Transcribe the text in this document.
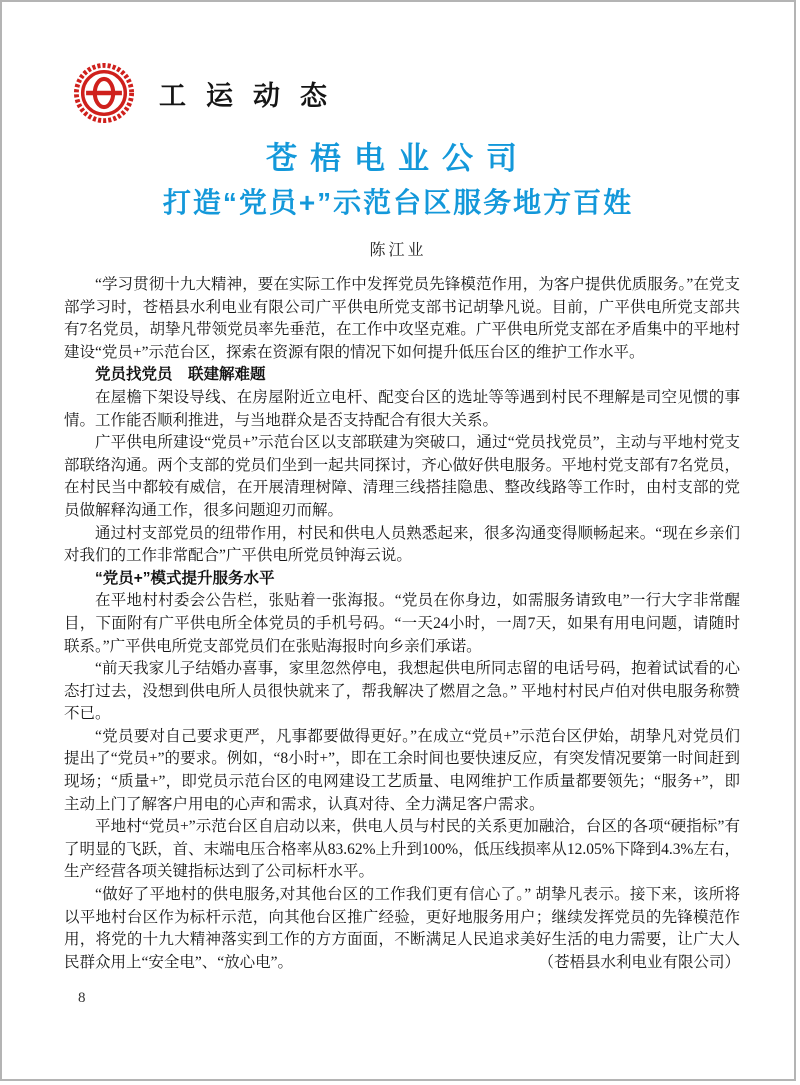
工运动态
苍梧电业公司
打造“党员+”示范台区服务地方百姓
陈江业

“学习贯彻十九大精神，要在实际工作中发挥党员先锋模范作用，为客户提供优质服务。”在党支部学习时，苍梧县水利电业有限公司广平供电所党支部书记胡挚凡说。目前，广平供电所党支部共有7名党员，胡挚凡带领党员率先垂范，在工作中攻坚克难。广平供电所党支部在矛盾集中的平地村建设“党员+”示范台区，探索在资源有限的情况下如何提升低压台区的维护工作水平。

党员找党员　联建解难题

在屋檐下架设导线、在房屋附近立电杆、配变台区的选址等等遇到村民不理解是司空见惯的事情。工作能否顺利推进，与当地群众是否支持配合有很大关系。

广平供电所建设“党员+”示范台区以支部联建为突破口，通过“党员找党员”，主动与平地村党支部联络沟通。两个支部的党员们坐到一起共同探讨，齐心做好供电服务。平地村党支部有7名党员，在村民当中都较有威信，在开展清理树障、清理三线搭挂隐患、整改线路等工作时，由村支部的党员做解释沟通工作，很多问题迎刃而解。

通过村支部党员的纽带作用，村民和供电人员熟悉起来，很多沟通变得顺畅起来。“现在乡亲们对我们的工作非常配合”广平供电所党员钟海云说。

“党员+”模式提升服务水平

在平地村村委会公告栏，张贴着一张海报。“党员在你身边，如需服务请致电”一行大字非常醒目，下面附有广平供电所全体党员的手机号码。“一天24小时，一周7天，如果有用电问题，请随时联系。”广平供电所党支部党员们在张贴海报时向乡亲们承诺。

“前天我家儿子结婚办喜事，家里忽然停电，我想起供电所同志留的电话号码，抱着试试看的心态打过去，没想到供电所人员很快就来了，帮我解决了燃眉之急。” 平地村村民卢伯对供电服务称赞不已。

“党员要对自己要求更严，凡事都要做得更好。”在成立“党员+”示范台区伊始，胡挚凡对党员们提出了“党员+”的要求。例如，“8小时+”，即在工余时间也要快速反应，有突发情况要第一时间赶到现场；“质量+”，即党员示范台区的电网建设工艺质量、电网维护工作质量都要领先；“服务+”，即主动上门了解客户用电的心声和需求，认真对待、全力满足客户需求。

平地村“党员+”示范台区自启动以来，供电人员与村民的关系更加融洽，台区的各项“硬指标”有了明显的飞跃，首、末端电压合格率从83.62%上升到100%，低压线损率从12.05%下降到4.3%左右，生产经营各项关键指标达到了公司标杆水平。

“做好了平地村的供电服务,对其他台区的工作我们更有信心了。” 胡挚凡表示。接下来，该所将以平地村台区作为标杆示范，向其他台区推广经验，更好地服务用户；继续发挥党员的先锋模范作用，将党的十九大精神落实到工作的方方面面，不断满足人民追求美好生活的电力需要，让广大人民群众用上“安全电”、“放心电”。	（苍梧县水利电业有限公司）

8
